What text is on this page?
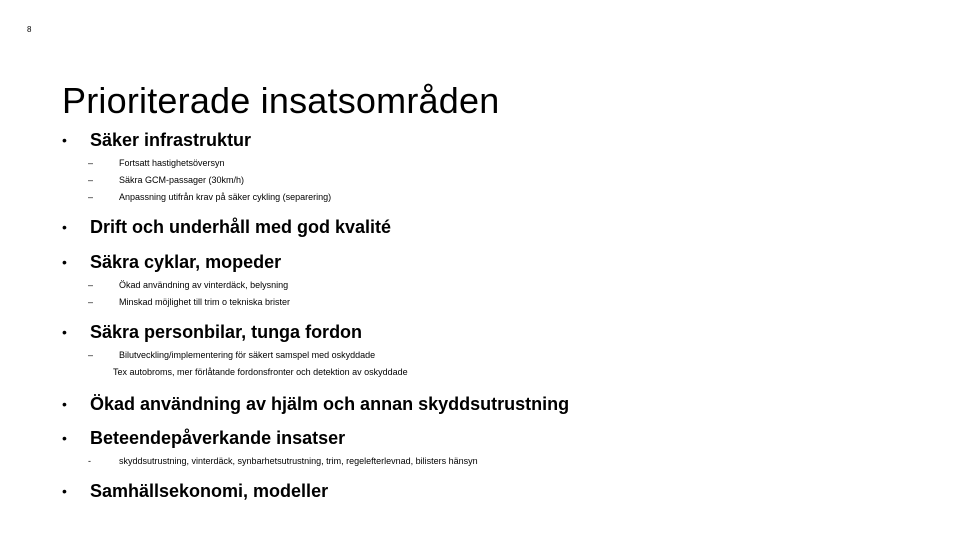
8
Prioriterade insatsområden
• Säker infrastruktur
–	Fortsatt hastighetsöversyn
–	Säkra GCM-passager (30km/h)
–	Anpassning utifrån krav på säker cykling (separering)
• Drift och underhåll med god kvalité
• Säkra cyklar, mopeder
–	Ökad användning av vinterdäck, belysning
–	Minskad möjlighet till trim o tekniska brister
• Säkra personbilar, tunga fordon
–	Bilutveckling/implementering för säkert samspel med oskyddade
Tex autobroms, mer förlåtande fordonsfronter och detektion av oskyddade
• Ökad användning av hjälm och annan skyddsutrustning
• Beteendepåverkande insatser
-	skyddsutrustning, vinterdäck, synbarhetsutrustning, trim, regelefterlevnad, bilisters hänsyn
• Samhällsekonomi, modeller
